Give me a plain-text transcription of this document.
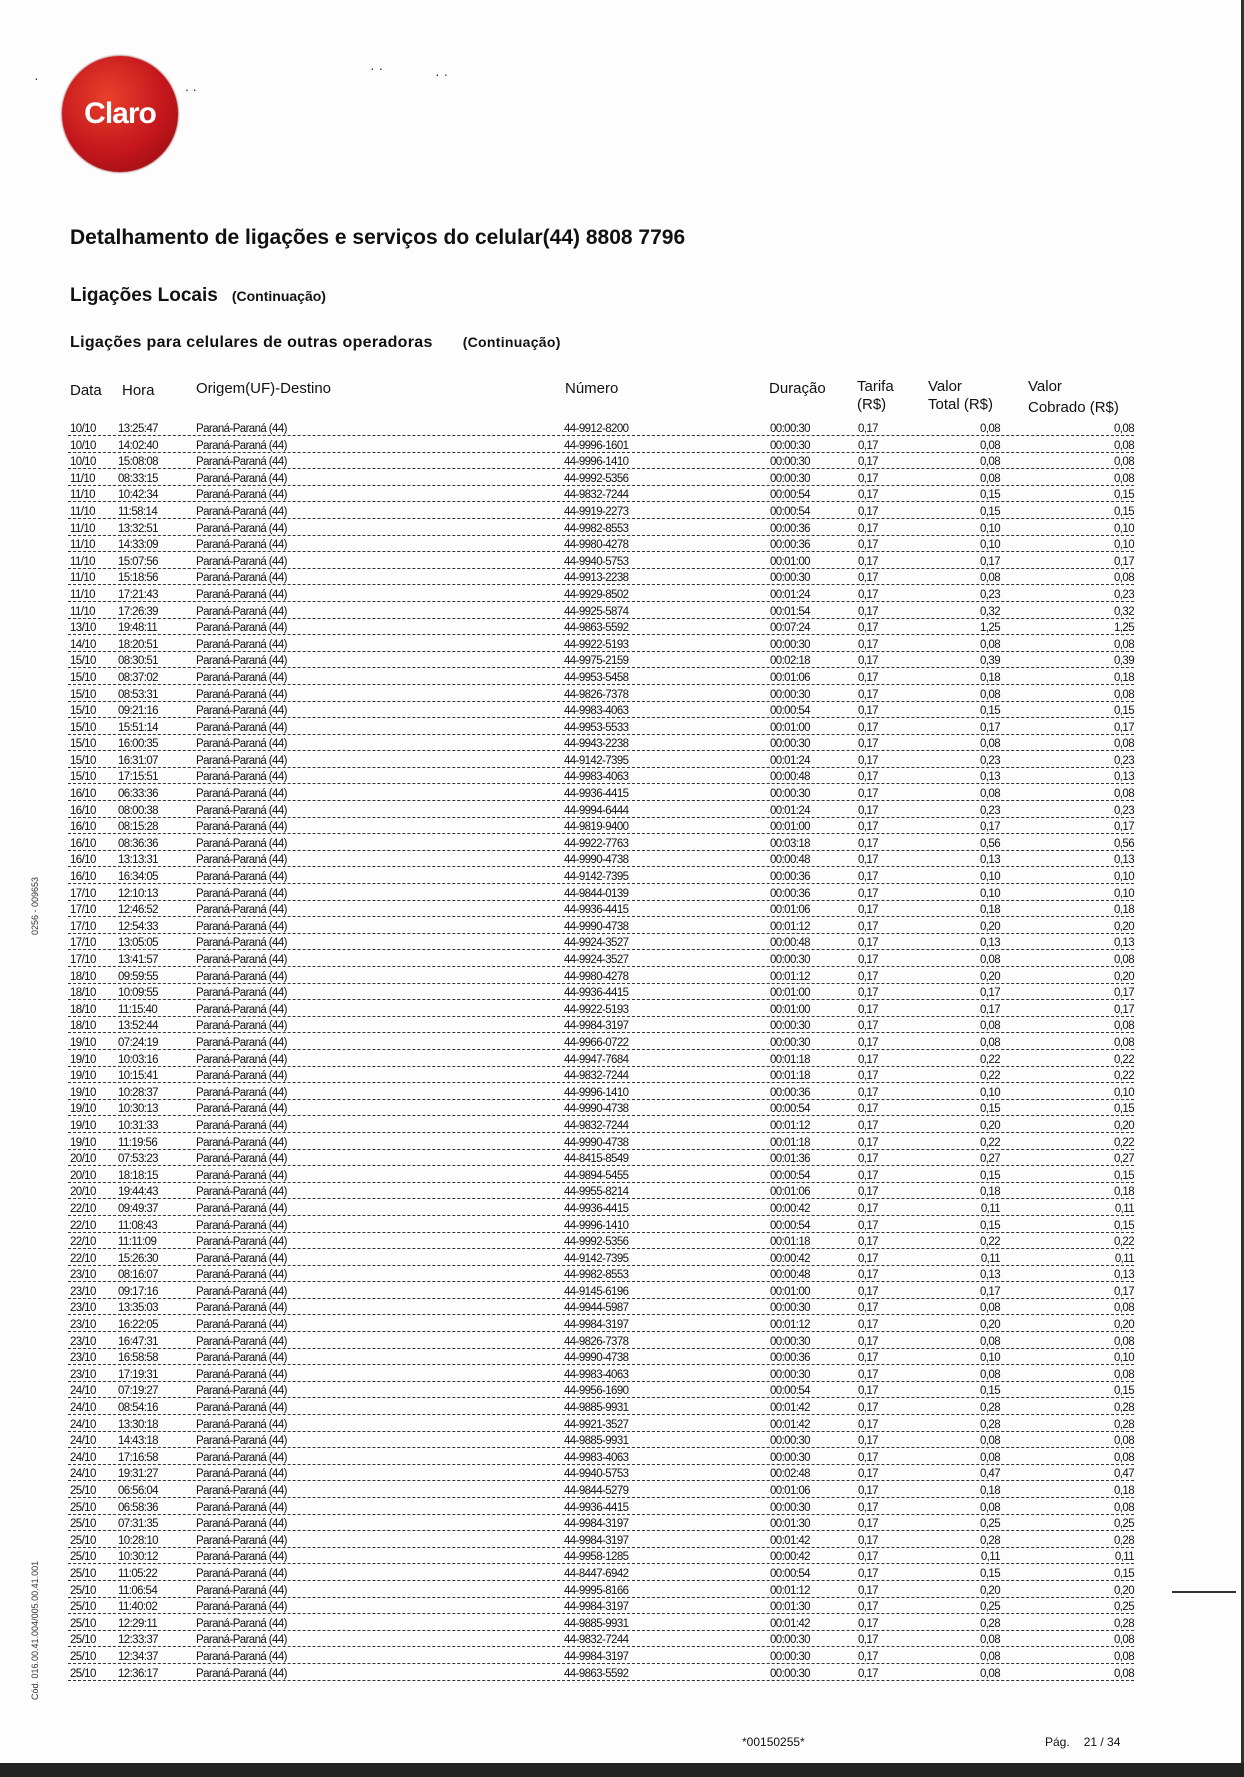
Claro
·	. .
· ·	· ·
Detalhamento de ligações e serviços do celular(44) 8808 7796
Ligações Locais (Continuação)
Ligações para celulares de outras operadoras (Continuação)
Data Hora	Origem(UF)-Destino	Número	Duração Tarifa
(R$)
Valor
Total (R$)
Valor
Cobrado (R$)
10/10 13:25:47	Paraná-Paraná (44)	44-9912-8200	00:00:30	0,17	0,08	0,08
10/10 14:02:40	Paraná-Paraná (44)	44-9996-1601	00:00:30	0,17	0,08	0,08
10/10 15:08:08	Paraná-Paraná (44)	44-9996-1410	00:00:30	0,17	0,08	0,08
11/10 08:33:15	Paraná-Paraná (44)	44-9992-5356	00:00:30	0,17	0,08	0,08
11/10 10:42:34	Paraná-Paraná (44)	44-9832-7244	00:00:54	0,17	0,15	0,15
11/10 11:58:14	Paraná-Paraná (44)	44-9919-2273	00:00:54	0,17	0,15	0,15
11/10 13:32:51	Paraná-Paraná (44)	44-9982-8553	00:00:36	0,17	0,10	0,10
11/10 14:33:09	Paraná-Paraná (44)	44-9980-4278	00:00:36	0,17	0,10	0,10
11/10 15:07:56	Paraná-Paraná (44)	44-9940-5753	00:01:00	0,17	0,17	0,17
11/10 15:18:56	Paraná-Paraná (44)	44-9913-2238	00:00:30	0,17	0,08	0,08
11/10 17:21:43	Paraná-Paraná (44)	44-9929-8502	00:01:24	0,17	0,23	0,23
11/10 17:26:39	Paraná-Paraná (44)	44-9925-5874	00:01:54	0,17	0,32	0,32
13/10 19:48:11	Paraná-Paraná (44)	44-9863-5592	00:07:24	0,17	1,25	1,25
14/10 18:20:51	Paraná-Paraná (44)	44-9922-5193	00:00:30	0,17	0,08	0,08
15/10 08:30:51	Paraná-Paraná (44)	44-9975-2159	00:02:18	0,17	0,39	0,39
15/10 08:37:02	Paraná-Paraná (44)	44-9953-5458	00:01:06	0,17	0,18	0,18
15/10 08:53:31	Paraná-Paraná (44)	44-9826-7378	00:00:30	0,17	0,08	0,08
15/10 09:21:16	Paraná-Paraná (44)	44-9983-4063	00:00:54	0,17	0,15	0,15
15/10 15:51:14	Paraná-Paraná (44)	44-9953-5533	00:01:00	0,17	0,17	0,17
15/10 16:00:35	Paraná-Paraná (44)	44-9943-2238	00:00:30	0,17	0,08	0,08
15/10 16:31:07	Paraná-Paraná (44)	44-9142-7395	00:01:24	0,17	0,23	0,23
15/10 17:15:51	Paraná-Paraná (44)	44-9983-4063	00:00:48	0,17	0,13	0,13
16/10 06:33:36	Paraná-Paraná (44)	44-9936-4415	00:00:30	0,17	0,08	0,08
16/10 08:00:38	Paraná-Paraná (44)	44-9994-6444	00:01:24	0,17	0,23	0,23
16/10 08:15:28	Paraná-Paraná (44)	44-9819-9400	00:01:00	0,17	0,17	0,17
16/10 08:36:36	Paraná-Paraná (44)	44-9922-7763	00:03:18	0,17	0,56	0,56
16/10 13:13:31	Paraná-Paraná (44)	44-9990-4738	00:00:48	0,17	0,13	0,13
16/10 16:34:05	Paraná-Paraná (44)	44-9142-7395	00:00:36	0,17	0,10	0,10
17/10 12:10:13	Paraná-Paraná (44)	44-9844-0139	00:00:36	0,17	0,10	0,10
17/10 12:46:52	Paraná-Paraná (44)	44-9936-4415	00:01:06	0,17	0,18	0,18
17/10 12:54:33	Paraná-Paraná (44)	44-9990-4738	00:01:12	0,17	0,20	0,20
17/10 13:05:05	Paraná-Paraná (44)	44-9924-3527	00:00:48	0,17	0,13	0,13
17/10 13:41:57	Paraná-Paraná (44)	44-9924-3527	00:00:30	0,17	0,08	0,08
18/10 09:59:55	Paraná-Paraná (44)	44-9980-4278	00:01:12	0,17	0,20	0,20
18/10 10:09:55	Paraná-Paraná (44)	44-9936-4415	00:01:00	0,17	0,17	0,17
18/10 11:15:40	Paraná-Paraná (44)	44-9922-5193	00:01:00	0,17	0,17	0,17
18/10 13:52:44	Paraná-Paraná (44)	44-9984-3197	00:00:30	0,17	0,08	0,08
19/10 07:24:19	Paraná-Paraná (44)	44-9966-0722	00:00:30	0,17	0,08	0,08
19/10 10:03:16	Paraná-Paraná (44)	44-9947-7684	00:01:18	0,17	0,22	0,22
19/10 10:15:41	Paraná-Paraná (44)	44-9832-7244	00:01:18	0,17	0,22	0,22
19/10 10:28:37	Paraná-Paraná (44)	44-9996-1410	00:00:36	0,17	0,10	0,10
19/10 10:30:13	Paraná-Paraná (44)	44-9990-4738	00:00:54	0,17	0,15	0,15
19/10 10:31:33	Paraná-Paraná (44)	44-9832-7244	00:01:12	0,17	0,20	0,20
19/10 11:19:56	Paraná-Paraná (44)	44-9990-4738	00:01:18	0,17	0,22	0,22
20/10 07:53:23	Paraná-Paraná (44)	44-8415-8549	00:01:36	0,17	0,27	0,27
20/10 18:18:15	Paraná-Paraná (44)	44-9894-5455	00:00:54	0,17	0,15	0,15
20/10 19:44:43	Paraná-Paraná (44)	44-9955-8214	00:01:06	0,17	0,18	0,18
22/10 09:49:37	Paraná-Paraná (44)	44-9936-4415	00:00:42	0,17	0,11	0,11
22/10 11:08:43	Paraná-Paraná (44)	44-9996-1410	00:00:54	0,17	0,15	0,15
22/10 11:11:09	Paraná-Paraná (44)	44-9992-5356	00:01:18	0,17	0,22	0,22
22/10 15:26:30	Paraná-Paraná (44)	44-9142-7395	00:00:42	0,17	0,11	0,11
23/10 08:16:07	Paraná-Paraná (44)	44-9982-8553	00:00:48	0,17	0,13	0,13
23/10 09:17:16	Paraná-Paraná (44)	44-9145-6196	00:01:00	0,17	0,17	0,17
23/10 13:35:03	Paraná-Paraná (44)	44-9944-5987	00:00:30	0,17	0,08	0,08
23/10 16:22:05	Paraná-Paraná (44)	44-9984-3197	00:01:12	0,17	0,20	0,20
23/10 16:47:31	Paraná-Paraná (44)	44-9826-7378	00:00:30	0,17	0,08	0,08
23/10 16:58:58	Paraná-Paraná (44)	44-9990-4738	00:00:36	0,17	0,10	0,10
23/10 17:19:31	Paraná-Paraná (44)	44-9983-4063	00:00:30	0,17	0,08	0,08
24/10 07:19:27	Paraná-Paraná (44)	44-9956-1690	00:00:54	0,17	0,15	0,15
24/10 08:54:16	Paraná-Paraná (44)	44-9885-9931	00:01:42	0,17	0,28	0,28
24/10 13:30:18	Paraná-Paraná (44)	44-9921-3527	00:01:42	0,17	0,28	0,28
24/10 14:43:18	Paraná-Paraná (44)	44-9885-9931	00:00:30	0,17	0,08	0,08
24/10 17:16:58	Paraná-Paraná (44)	44-9983-4063	00:00:30	0,17	0,08	0,08
24/10 19:31:27	Paraná-Paraná (44)	44-9940-5753	00:02:48	0,17	0,47	0,47
25/10 06:56:04	Paraná-Paraná (44)	44-9844-5279	00:01:06	0,17	0,18	0,18
25/10 06:58:36	Paraná-Paraná (44)	44-9936-4415	00:00:30	0,17	0,08	0,08
25/10 07:31:35	Paraná-Paraná (44)	44-9984-3197	00:01:30	0,17	0,25	0,25
25/10 10:28:10	Paraná-Paraná (44)	44-9984-3197	00:01:42	0,17	0,28	0,28
25/10 10:30:12	Paraná-Paraná (44)	44-9958-1285	00:00:42	0,17	0,11	0,11
25/10 11:05:22	Paraná-Paraná (44)	44-8447-6942	00:00:54	0,17	0,15	0,15
25/10 11:06:54	Paraná-Paraná (44)	44-9995-8166	00:01:12	0,17	0,20	0,20
25/10 11:40:02	Paraná-Paraná (44)	44-9984-3197	00:01:30	0,17	0,25	0,25
25/10 12:29:11	Paraná-Paraná (44)	44-9885-9931	00:01:42	0,17	0,28	0,28
25/10 12:33:37	Paraná-Paraná (44)	44-9832-7244	00:00:30	0,17	0,08	0,08
25/10 12:34:37	Paraná-Paraná (44)	44-9984-3197	00:00:30	0,17	0,08	0,08
25/10 12:36:17	Paraná-Paraná (44)	44-9863-5592	00:00:30	0,17	0,08	0,08
0256 - 009653
Cód. 016.00.41.004/005.00.41.001
*00150255*	Pág. 21 / 34
